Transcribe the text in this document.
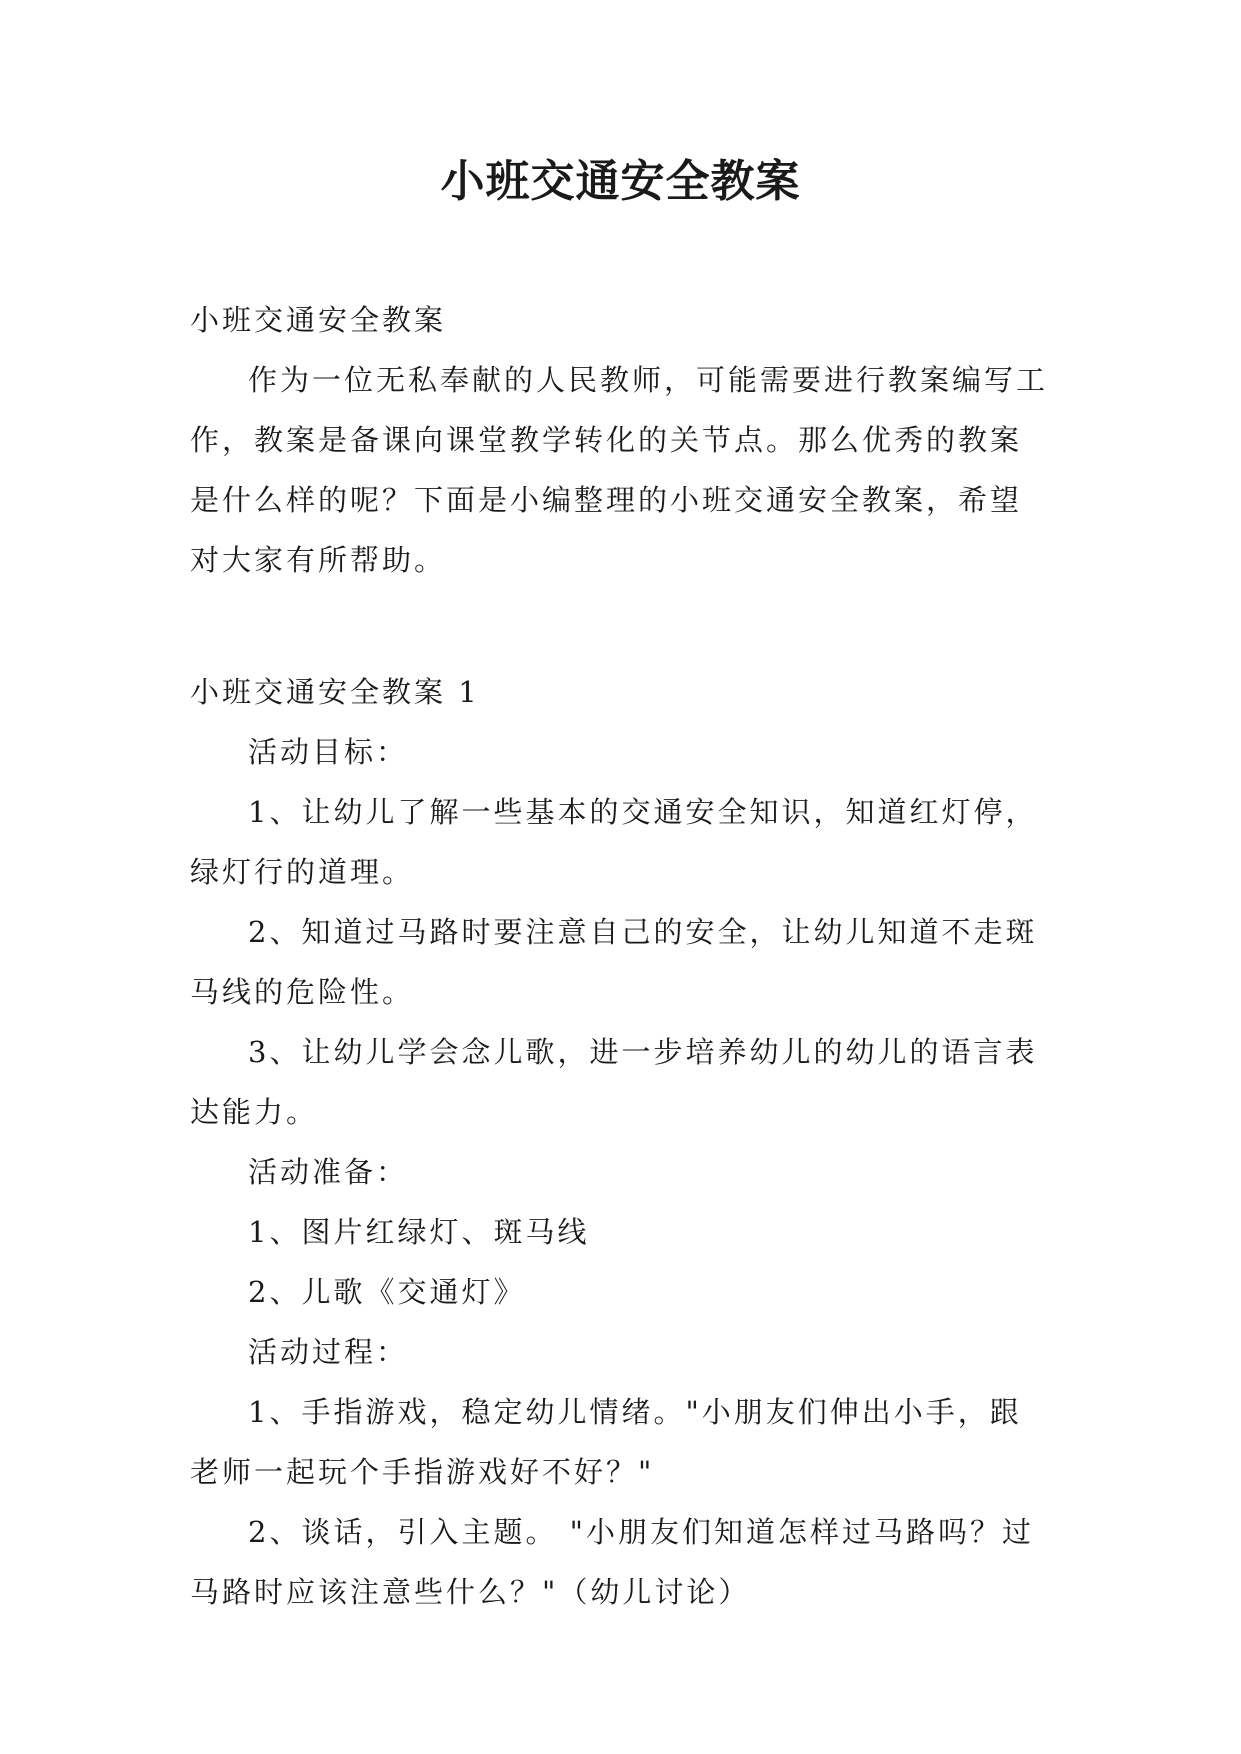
小班交通安全教案

小班交通安全教案

作为一位无私奉献的人民教师，可能需要进行教案编写工作，教案是备课向课堂教学转化的关节点。那么优秀的教案是什么样的呢？下面是小编整理的小班交通安全教案，希望对大家有所帮助。

小班交通安全教案 1

活动目标：

1、让幼儿了解一些基本的交通安全知识，知道红灯停，绿灯行的道理。

2、知道过马路时要注意自己的安全，让幼儿知道不走斑马线的危险性。

3、让幼儿学会念儿歌，进一步培养幼儿的幼儿的语言表达能力。

活动准备：

1、图片红绿灯、斑马线

2、儿歌《交通灯》

活动过程：

1、手指游戏，稳定幼儿情绪。"小朋友们伸出小手，跟老师一起玩个手指游戏好不好？"

2、谈话，引入主题。 "小朋友们知道怎样过马路吗？过马路时应该注意些什么？"（幼儿讨论）
